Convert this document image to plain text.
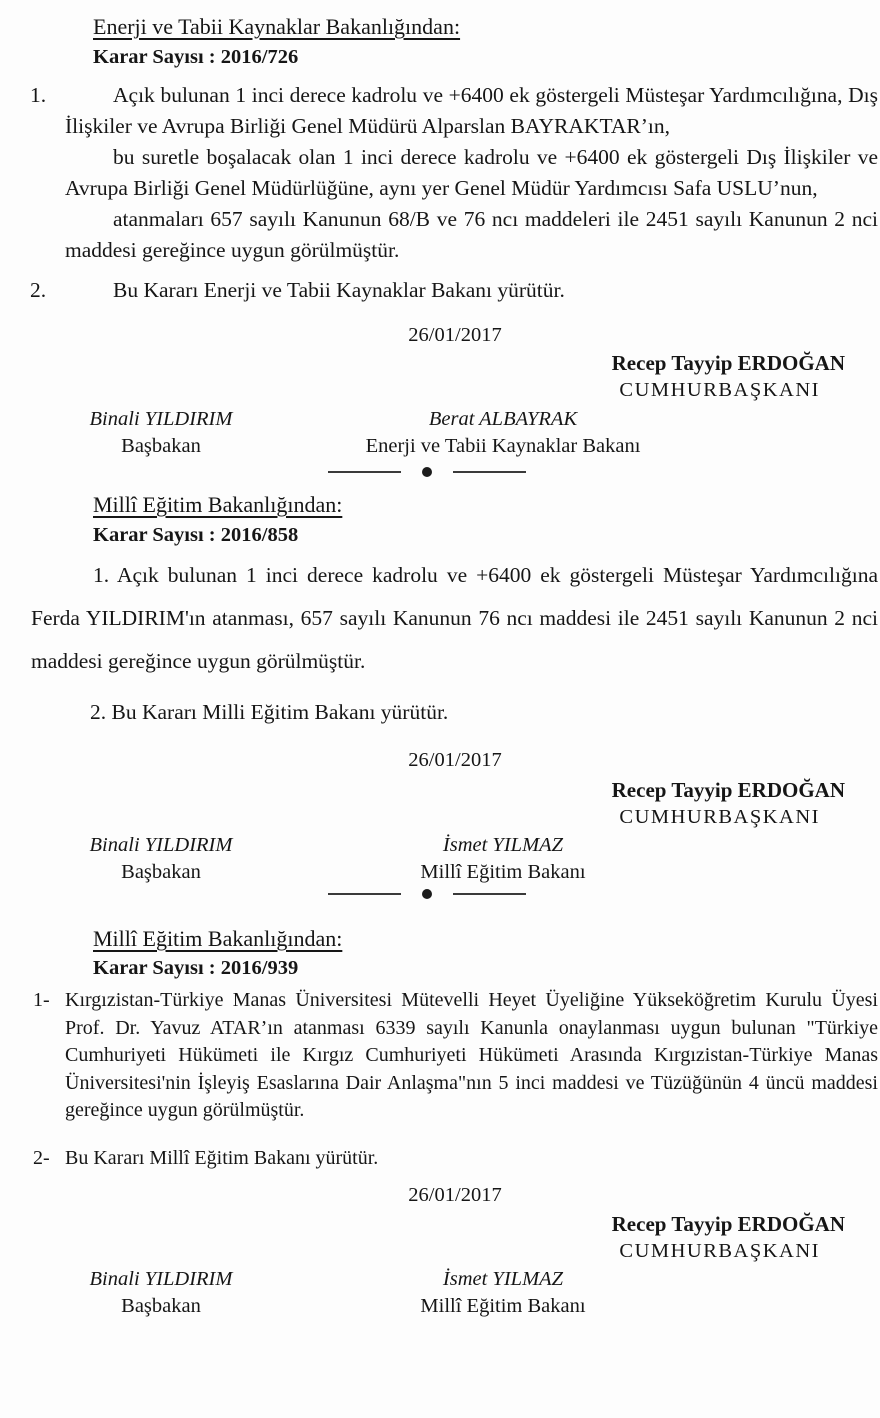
Enerji ve Tabii Kaynaklar Bakanlığından:
Karar Sayısı : 2016/726
1.	Açık bulunan 1 inci derece kadrolu ve +6400 ek göstergeli Müsteşar Yardımcılığına, Dış İlişkiler ve Avrupa Birliği Genel Müdürü Alparslan BAYRAKTAR’ın,

bu suretle boşalacak olan 1 inci derece kadrolu ve +6400 ek göstergeli Dış İlişkiler ve Avrupa Birliği Genel Müdürlüğüne, aynı yer Genel Müdür Yardımcısı Safa USLU’nun,

atanmaları 657 sayılı Kanunun 68/B ve 76 ncı maddeleri ile 2451 sayılı Kanunun 2 nci maddesi gereğince uygun görülmüştür.

2.	Bu Kararı Enerji ve Tabii Kaynaklar Bakanı yürütür.

26/01/2017
Recep Tayyip ERDOĞAN
CUMHURBAŞKANI
Binali YILDIRIM
Başbakan
Berat ALBAYRAK
Enerji ve Tabii Kaynaklar Bakanı
Millî Eğitim Bakanlığından:
Karar Sayısı : 2016/858

1. Açık bulunan 1 inci derece kadrolu ve +6400 ek göstergeli Müsteşar Yardımcılığına Ferda YILDIRIM'ın atanması, 657 sayılı Kanunun 76 ncı maddesi ile 2451 sayılı Kanunun 2 nci maddesi gereğince uygun görülmüştür.

2. Bu Kararı Milli Eğitim Bakanı yürütür.
26/01/2017
Recep Tayyip ERDOĞAN
CUMHURBAŞKANI
Binali YILDIRIM
Başbakan
İsmet YILMAZ
Millî Eğitim Bakanı
Millî Eğitim Bakanlığından:
Karar Sayısı : 2016/939
1- Kırgızistan-Türkiye Manas Üniversitesi Mütevelli Heyet Üyeliğine Yükseköğretim Kurulu Üyesi Prof. Dr. Yavuz ATAR’ın atanması 6339 sayılı Kanunla onaylanması uygun bulunan "Türkiye Cumhuriyeti Hükümeti ile Kırgız Cumhuriyeti Hükümeti Arasında Kırgızistan-Türkiye Manas Üniversitesi'nin İşleyiş Esaslarına Dair Anlaşma"nın 5 inci maddesi ve Tüzüğünün 4 üncü maddesi gereğince uygun görülmüştür.

2- Bu Kararı Millî Eğitim Bakanı yürütür.

26/01/2017
Recep Tayyip ERDOĞAN
CUMHURBAŞKANI
Binali YILDIRIM
Başbakan
İsmet YILMAZ
Millî Eğitim Bakanı
